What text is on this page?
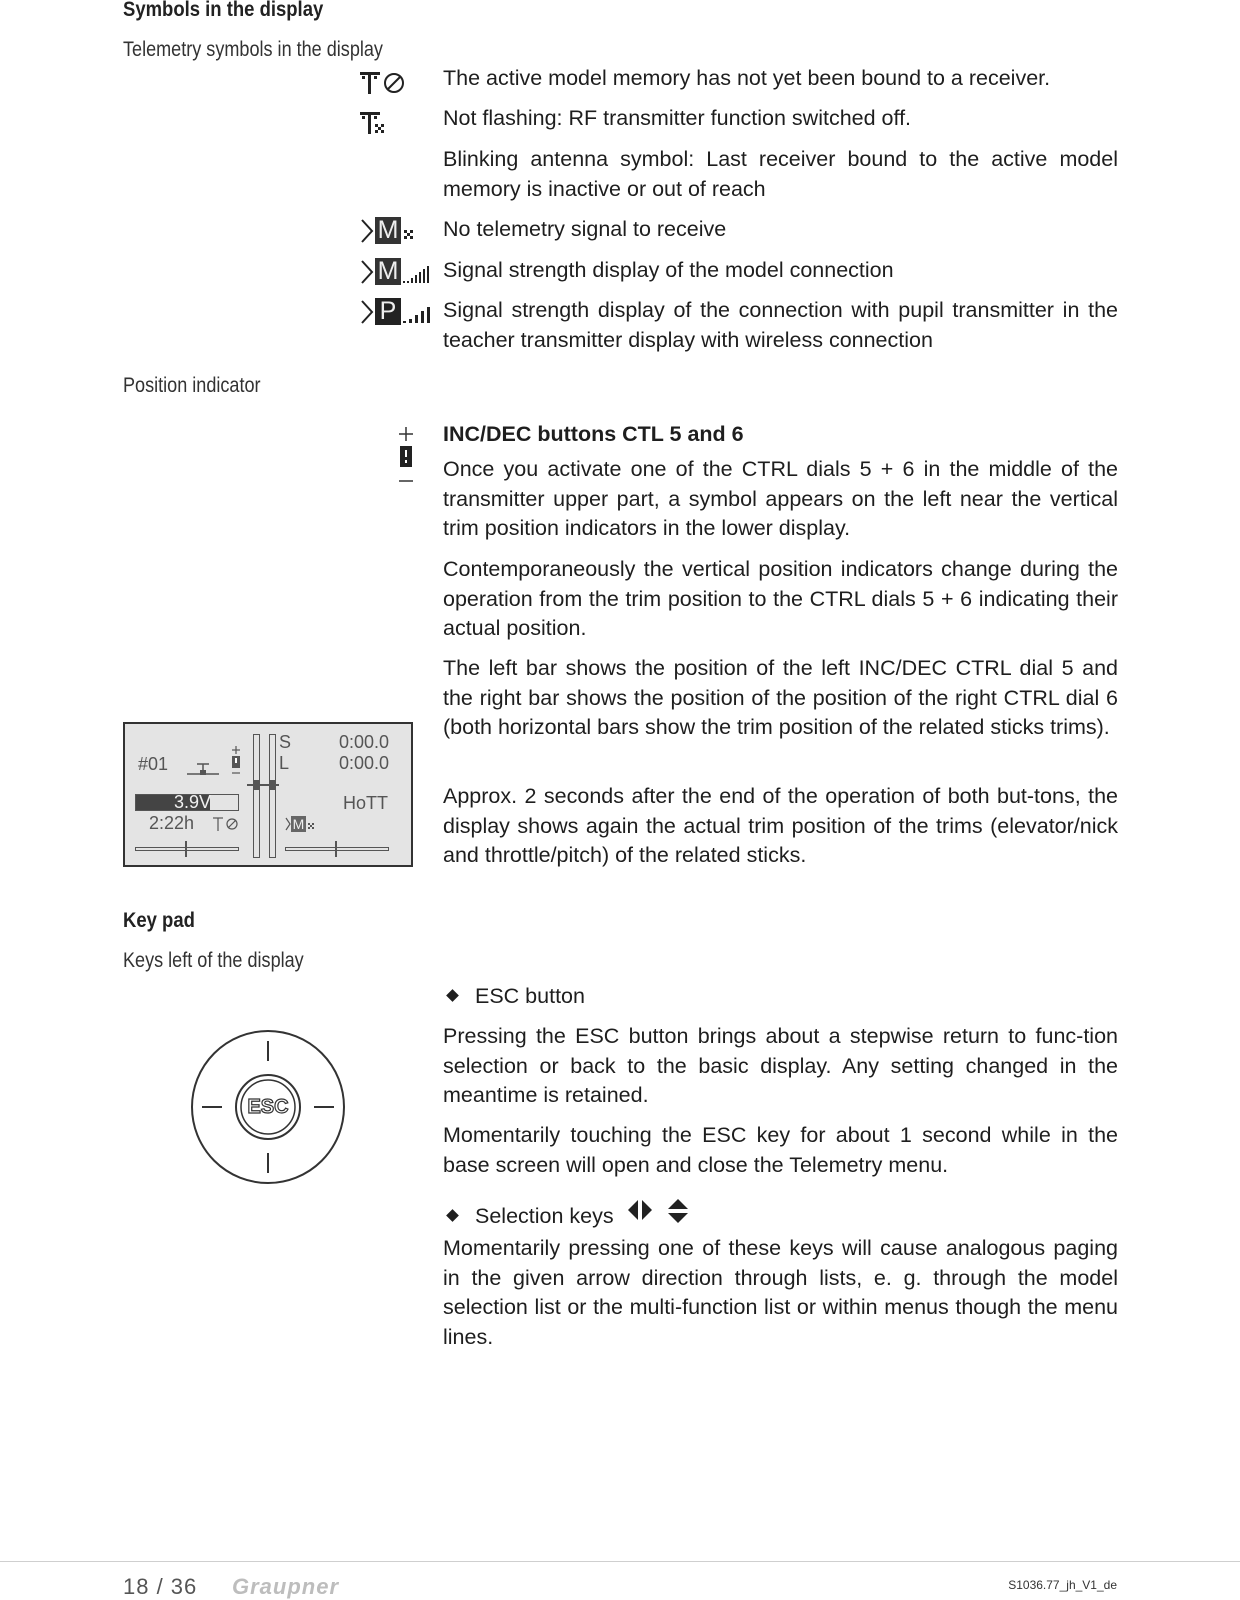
Symbols in the display
Telemetry symbols in the display
The active model memory has not yet been bound to a receiver.
Not flashing: RF transmitter function switched off.
Blinking antenna symbol: Last receiver bound to the active model memory is inactive or out of reach
M No telemetry signal to receive
M Signal strength display of the model connection
P Signal strength display of the connection with pupil transmitter in the teacher transmitter display with wireless connection
Position indicator
INC/DEC buttons CTL 5 and 6
Once you activate one of the CTRL dials 5 + 6 in the middle of the transmitter upper part, a symbol appears on the left near the vertical trim position indicators in the lower display.
Contemporaneously the vertical position indicators change during the operation from the trim position to the CTRL dials 5 + 6 indicating their actual position.
The left bar shows the position of the left INC/DEC CTRL dial 5 and the right bar shows the position of the position of the right CTRL dial 6 (both horizontal bars show the trim position of the related sticks trims).
Approx. 2 seconds after the end of the operation of both but-tons, the display shows again the actual trim position of the trims (elevator/nick and throttle/pitch) of the related sticks.
#01
S
L
0:00.0
0:00.0
3.9V	HoTT
2:22h	M
Key pad
Keys left of the display
ESC
ESC button
Pressing the ESC button brings about a stepwise return to func-tion selection or back to the basic display. Any setting changed in the meantime is retained.
Momentarily touching the ESC key for about 1 second while in the base screen will open and close the Telemetry menu.
Selection keys
Momentarily pressing one of these keys will cause analogous paging in the given arrow direction through lists, e. g. through the model selection list or the multi-function list or within menus though the menu lines.
18 / 36 Graupner	S1036.77_jh_V1_de
